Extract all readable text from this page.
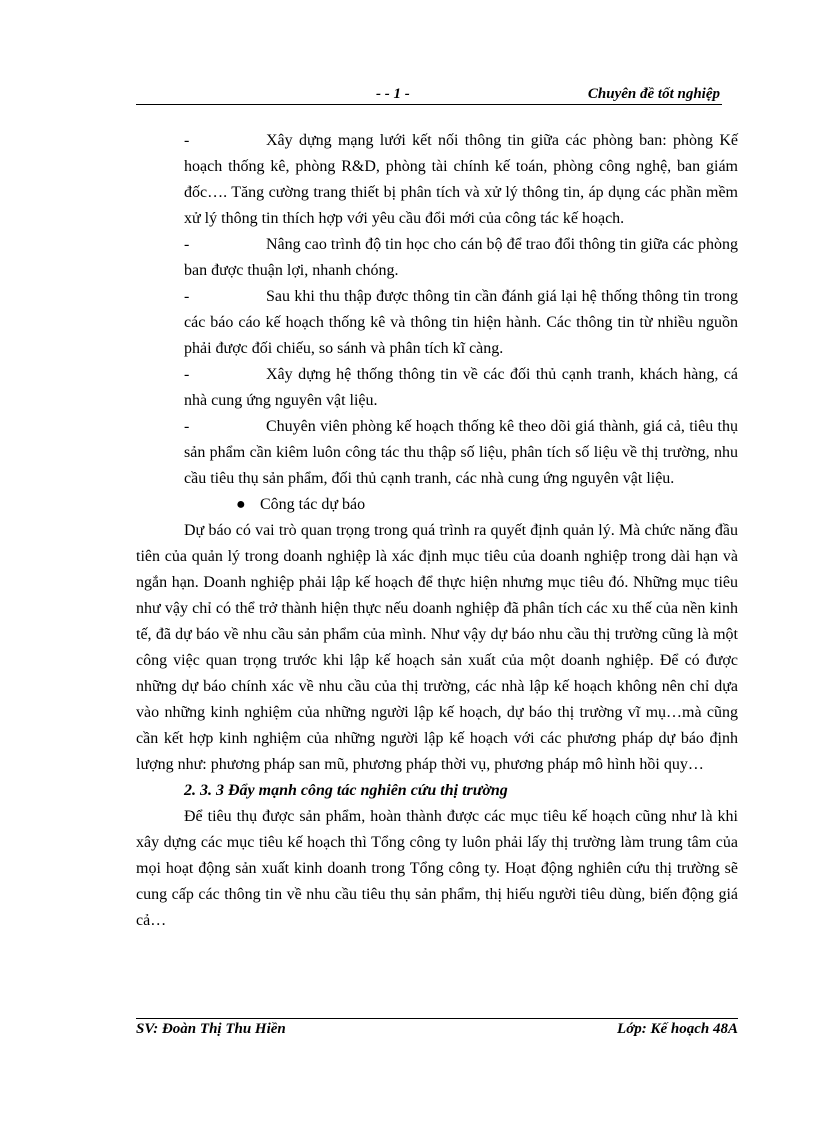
- - 1 -	Chuyên đề tốt nghiệp

-	Xây dựng mạng lưới kết nối thông tin giữa các phòng ban: phòng Kế hoạch thống kê, phòng R&D, phòng tài chính kế toán, phòng công nghệ, ban giám đốc…. Tăng cường trang thiết bị phân tích và xử lý thông tin, áp dụng các phần mềm xử lý thông tin thích hợp với yêu cầu đổi mới của công tác kế hoạch.

-	Nâng cao trình độ tin học cho cán bộ để trao đổi thông tin giữa các phòng ban được thuận lợi, nhanh chóng.

-	Sau khi thu thập được thông tin cần đánh giá lại hệ thống thông tin trong các báo cáo kế hoạch thống kê và thông tin hiện hành. Các thông tin từ nhiều nguồn phải được đối chiếu, so sánh và phân tích kĩ càng.

-	Xây dựng hệ thống thông tin về các đối thủ cạnh tranh, khách hàng, cá nhà cung ứng nguyên vật liệu.

-	Chuyên viên phòng kế hoạch thống kê theo dõi giá thành, giá cả, tiêu thụ sản phẩm cần kiêm luôn công tác thu thập số liệu, phân tích số liệu về thị trường, nhu cầu tiêu thụ sản phẩm, đối thủ cạnh tranh, các nhà cung ứng nguyên vật liệu.

● Công tác dự báo

Dự báo có vai trò quan trọng trong quá trình ra quyết định quản lý. Mà chức năng đầu tiên của quản lý trong doanh nghiệp là xác định mục tiêu của doanh nghiệp trong dài hạn và ngắn hạn. Doanh nghiệp phải lập kế hoạch để thực hiện nhưng mục tiêu đó. Những mục tiêu như vậy chỉ có thể trở thành hiện thực nếu doanh nghiệp đã phân tích các xu thế của nền kinh tế, đã dự báo về nhu cầu sản phẩm của mình. Như vậy dự báo nhu cầu thị trường cũng là một công việc quan trọng trước khi lập kế hoạch sản xuất của một doanh nghiệp. Để có được những dự báo chính xác về nhu cầu của thị trường, các nhà lập kế hoạch không nên chỉ dựa vào những kinh nghiệm của những người lập kế hoạch, dự báo thị trường vĩ mụ…mà cũng cần kết hợp kinh nghiệm của những người lập kế hoạch với các phương pháp dự báo định lượng như: phương pháp san mũ, phương pháp thời vụ, phương pháp mô hình hồi quy…

2. 3. 3 Đẩy mạnh công tác nghiên cứu thị trường

Để tiêu thụ được sản phẩm, hoàn thành được các mục tiêu kế hoạch cũng như là khi xây dựng các mục tiêu kế hoạch thì Tổng công ty luôn phải lấy thị trường làm trung tâm của mọi hoạt động sản xuất kinh doanh trong Tổng công ty. Hoạt động nghiên cứu thị trường sẽ cung cấp các thông tin về nhu cầu tiêu thụ sản phẩm, thị hiếu người tiêu dùng, biến động giá cả…

SV: Đoàn Thị Thu Hiền	Lớp: Kế hoạch 48A
